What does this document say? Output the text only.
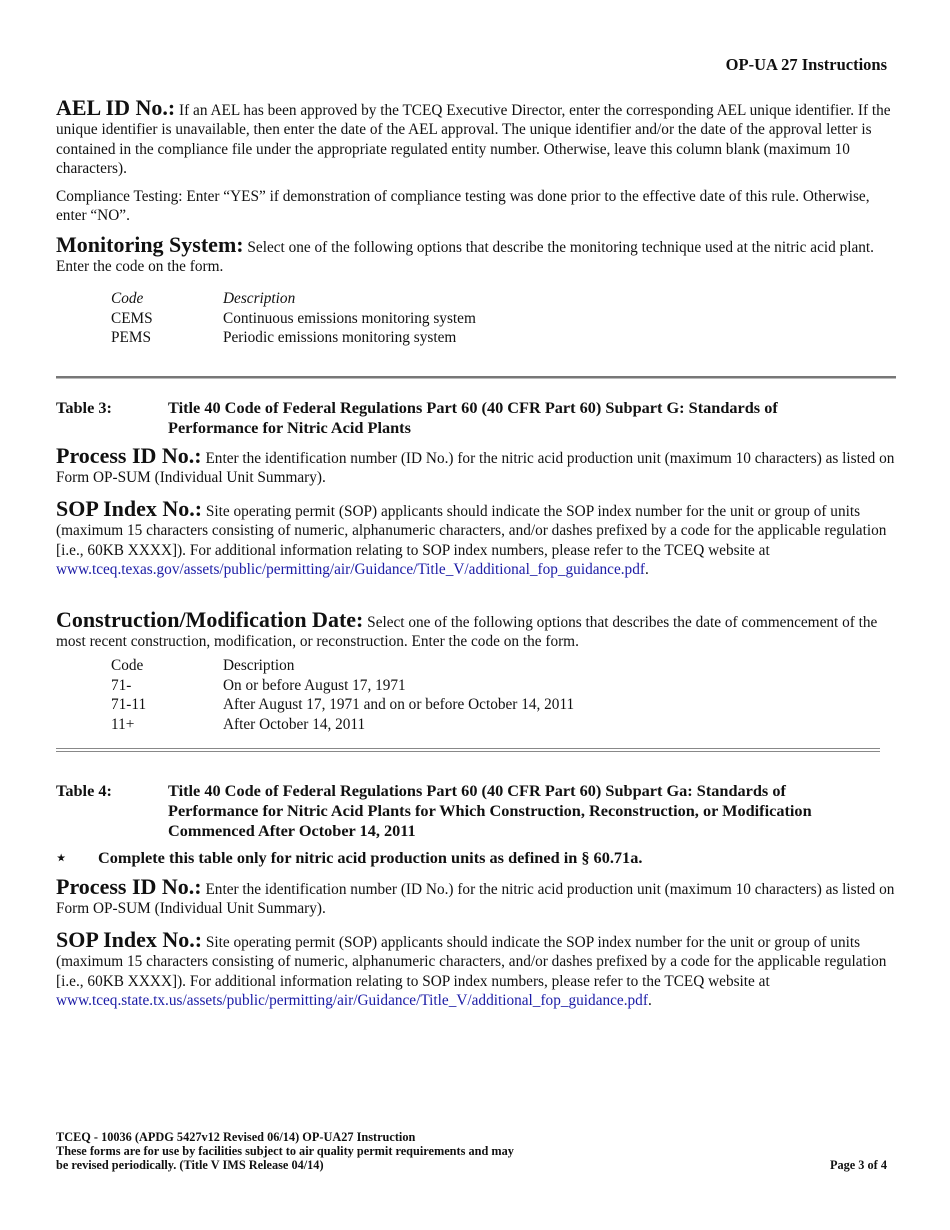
OP-UA 27 Instructions

AEL ID No.: If an AEL has been approved by the TCEQ Executive Director, enter the corresponding AEL unique identifier. If the unique identifier is unavailable, then enter the date of the AEL approval. The unique identifier and/or the date of the approval letter is contained in the compliance file under the appropriate regulated entity number. Otherwise, leave this column blank (maximum 10 characters).

Compliance Testing: Enter “YES” if demonstration of compliance testing was done prior to the effective date of this rule. Otherwise, enter “NO”.

Monitoring System: Select one of the following options that describe the monitoring technique used at the nitric acid plant. Enter the code on the form.

Code	Description
CEMS	Continuous emissions monitoring system
PEMS	Periodic emissions monitoring system
Table 3:	Title 40 Code of Federal Regulations Part 60 (40 CFR Part 60) Subpart G: Standards of Performance for Nitric Acid Plants

Process ID No.: Enter the identification number (ID No.) for the nitric acid production unit (maximum 10 characters) as listed on Form OP-SUM (Individual Unit Summary).

SOP Index No.: Site operating permit (SOP) applicants should indicate the SOP index number for the unit or group of units (maximum 15 characters consisting of numeric, alphanumeric characters, and/or dashes prefixed by a code for the applicable regulation [i.e., 60KB XXXX]). For additional information relating to SOP index numbers, please refer to the TCEQ website at
www.tceq.texas.gov/assets/public/permitting/air/Guidance/Title_V/additional_fop_guidance.pdf.

Construction/Modification Date: Select one of the following options that describes the date of commencement of the most recent construction, modification, or reconstruction. Enter the code on the form.

Code	Description
71-	On or before August 17, 1971
71-11	After August 17, 1971 and on or before October 14, 2011
11+	After October 14, 2011
Table 4:	Title 40 Code of Federal Regulations Part 60 (40 CFR Part 60) Subpart Ga: Standards of Performance for Nitric Acid Plants for Which Construction, Reconstruction, or Modification Commenced After October 14, 2011
⋆	Complete this table only for nitric acid production units as defined in § 60.71a.

Process ID No.: Enter the identification number (ID No.) for the nitric acid production unit (maximum 10 characters) as listed on Form OP-SUM (Individual Unit Summary).

SOP Index No.: Site operating permit (SOP) applicants should indicate the SOP index number for the unit or group of units (maximum 15 characters consisting of numeric, alphanumeric characters, and/or dashes prefixed by a code for the applicable regulation
[i.e., 60KB XXXX]). For additional information relating to SOP index numbers, please refer to the TCEQ website at
www.tceq.state.tx.us/assets/public/permitting/air/Guidance/Title_V/additional_fop_guidance.pdf.

TCEQ - 10036 (APDG 5427v12 Revised 06/14) OP-UA27 Instruction
These forms are for use by facilities subject to air quality permit requirements and may
be revised periodically. (Title V IMS Release 04/14)	Page 3 of 4
